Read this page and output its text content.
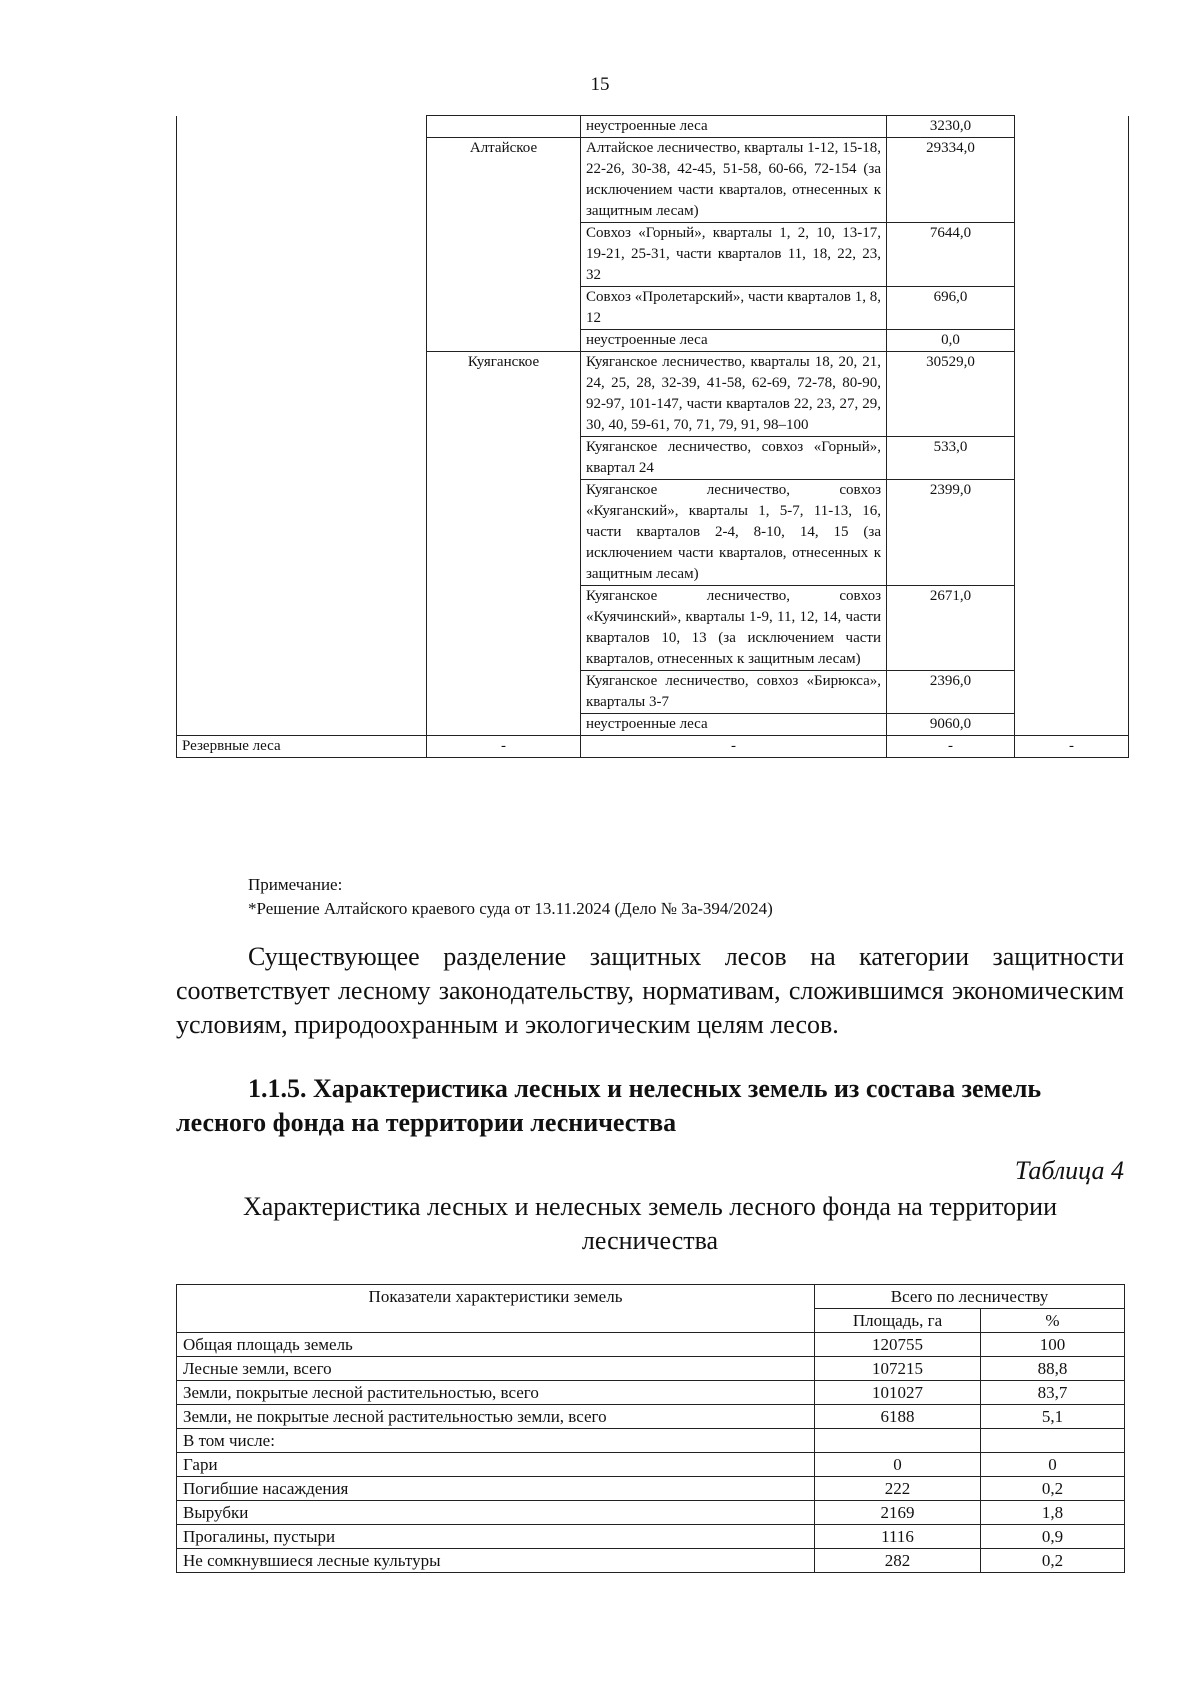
15
		неустроенные леса	3230,0	
	Алтайское	Алтайское лесничество, кварталы 1-12, 15-18, 22-26, 30-38, 42-45, 51-58, 60-66, 72-154 (за исключением части кварталов, отнесенных к защитным лесам)	29334,0	
		Совхоз «Горный», кварталы 1, 2, 10, 13-17, 19-21, 25-31, части кварталов 11, 18, 22, 23, 32	7644,0	
		Совхоз «Пролетарский», части кварталов 1, 8, 12	696,0	
		неустроенные леса	0,0	
	Куяганское	Куяганское лесничество, кварталы 18, 20, 21, 24, 25, 28, 32-39, 41-58, 62-69, 72-78, 80-90, 92-97, 101-147, части кварталов 22, 23, 27, 29, 30, 40, 59-61, 70, 71, 79, 91, 98–100	30529,0	
		Куяганское лесничество, совхоз «Горный», квартал 24	533,0	
		Куяганское лесничество, совхоз «Куяганский», кварталы 1, 5-7, 11-13, 16, части кварталов 2-4, 8-10, 14, 15 (за исключением части кварталов, отнесенных к защитным лесам)	2399,0	
		Куяганское лесничество, совхоз «Куячинский», кварталы 1-9, 11, 12, 14, части кварталов 10, 13 (за исключением части кварталов, отнесенных к защитным лесам)	2671,0	
		Куяганское лесничество, совхоз «Бирюкса», кварталы 3-7	2396,0	
		неустроенные леса	9060,0	
Резервные леса	-	-	-	-
Примечание:
*Решение Алтайского краевого суда от 13.11.2024 (Дело № 3а-394/2024)
Существующее разделение защитных лесов на категории защитности соответствует лесному законодательству, нормативам, сложившимся экономическим условиям, природоохранным и экологическим целям лесов.
1.1.5. Характеристика лесных и нелесных земель из состава земель лесного фонда на территории лесничества
Таблица 4
Характеристика лесных и нелесных земель лесного фонда на территории лесничества
Показатели характеристики земель	Всего по лесничеству	
	Площадь, га	%
Общая площадь земель	120755	100
Лесные земли, всего	107215	88,8
Земли, покрытые лесной растительностью, всего	101027	83,7
Земли, не покрытые лесной растительностью земли, всего	6188	5,1
В том числе:		
Гари	0	0
Погибшие насаждения	222	0,2
Вырубки	2169	1,8
Прогалины, пустыри	1116	0,9
Не сомкнувшиеся лесные культуры	282	0,2
